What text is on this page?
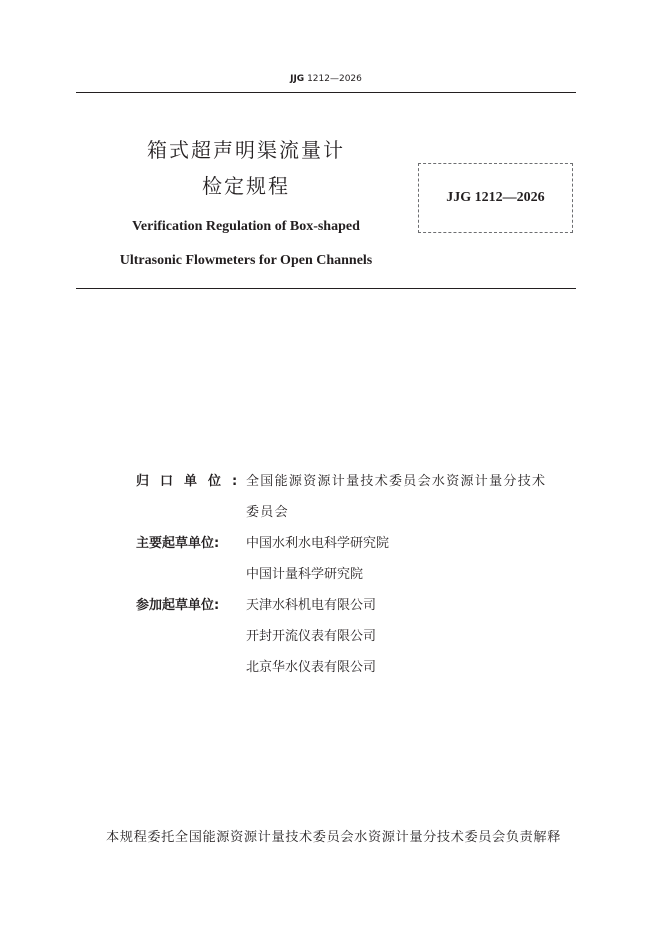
JJG 1212—2026
箱式超声明渠流量计
检定规程
Verification Regulation of Box-shaped
Ultrasonic Flowmeters for Open Channels
JJG 1212—2026
归口单位:
全国能源资源计量技术委员会水资源计量分技术
委员会
主要起草单位:	中国水利水电科学研究院
中国计量科学研究院
参加起草单位:	天津水科机电有限公司
开封开流仪表有限公司
北京华水仪表有限公司
本规程委托全国能源资源计量技术委员会水资源计量分技术委员会负责解释
